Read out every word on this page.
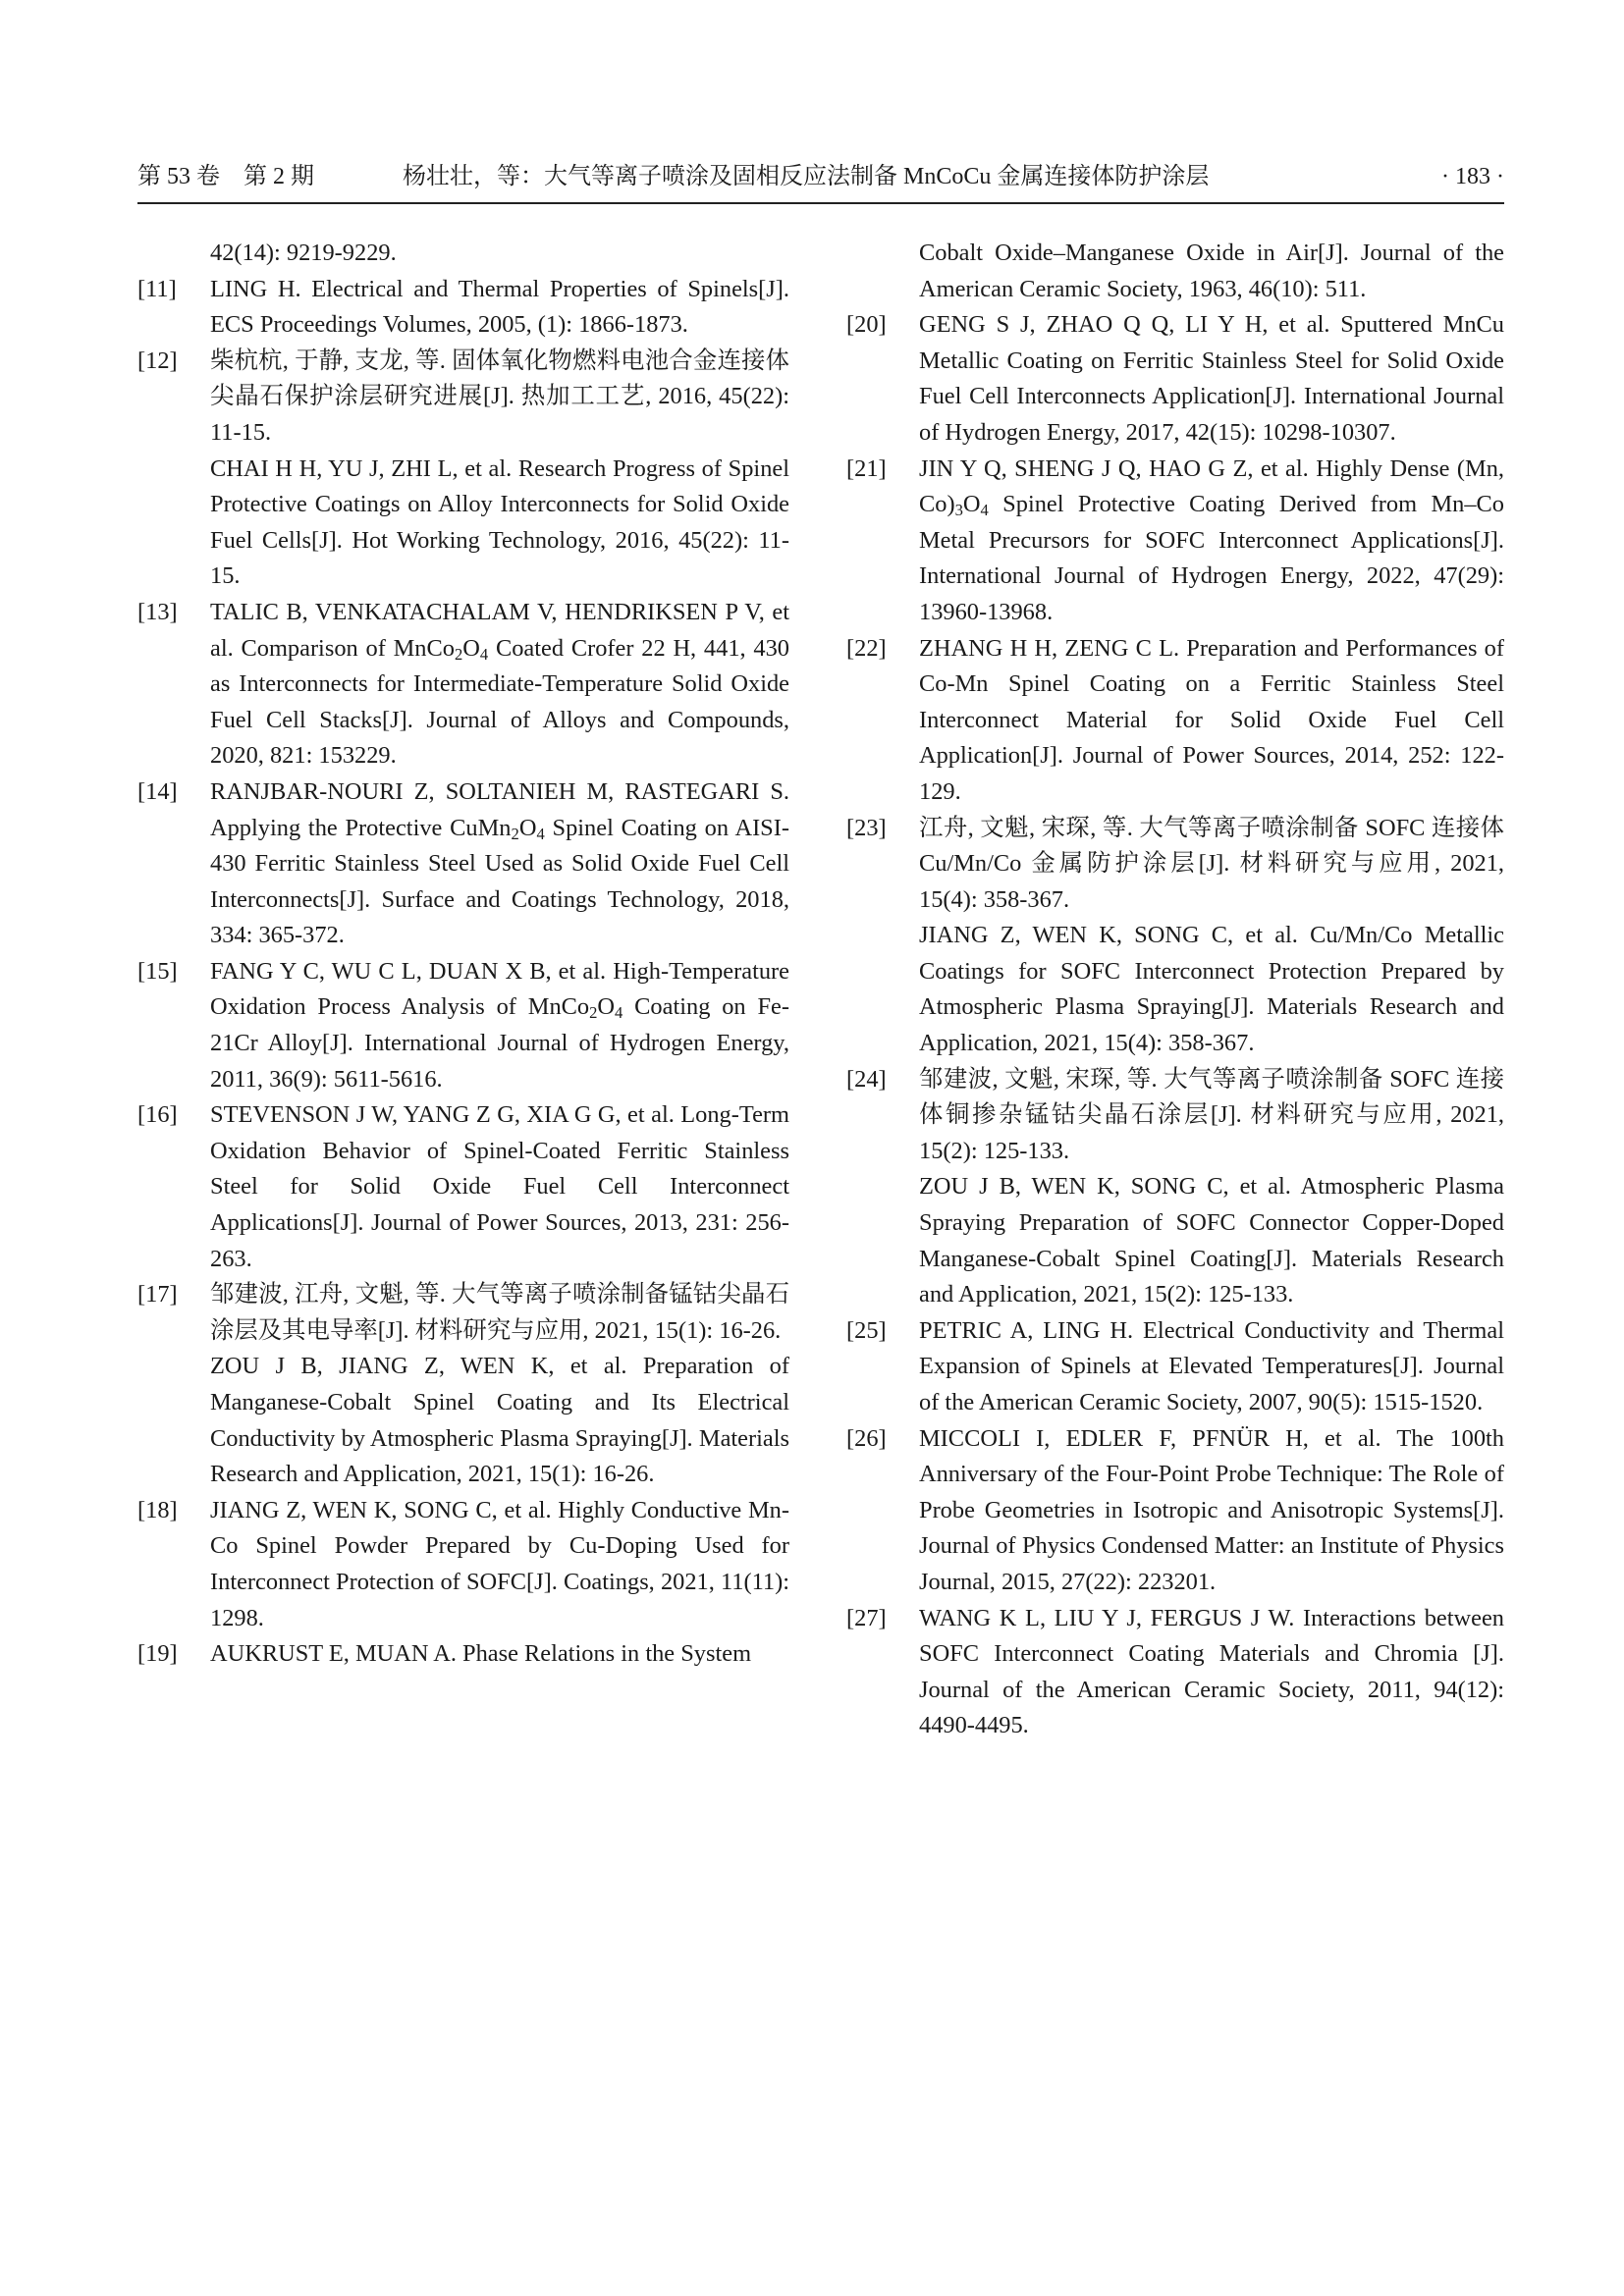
第 53 卷　第 2 期	杨壮壮，等：大气等离子喷涂及固相反应法制备 MnCoCu 金属连接体防护涂层	· 183 ·

42(14): 9219-9229.

[11]	LING H. Electrical and Thermal Properties of Spinels[J]. ECS Proceedings Volumes, 2005, (1): 1866-1873.

[12]	柴杭杭, 于静, 支龙, 等. 固体氧化物燃料电池合金连接体尖晶石保护涂层研究进展[J]. 热加工工艺, 2016, 45(22): 11-15.

CHAI H H, YU J, ZHI L, et al. Research Progress of Spinel Protective Coatings on Alloy Interconnects for Solid Oxide Fuel Cells[J]. Hot Working Technology, 2016, 45(22): 11-15.

[13]	TALIC B, VENKATACHALAM V, HENDRIKSEN P V, et al. Comparison of $MnCo_2O_4$ Coated Crofer 22 H, 441, 430 as Interconnects for Intermediate-Temperature Solid Oxide Fuel Cell Stacks[J]. Journal of Alloys and Compounds, 2020, 821: 153229.

[14]	RANJBAR-NOURI Z, SOLTANIEH M, RASTEGARI S. Applying the Protective $CuMn_2O_4$ Spinel Coating on AISI-430 Ferritic Stainless Steel Used as Solid Oxide Fuel Cell Interconnects[J]. Surface and Coatings Technology, 2018, 334: 365-372.

[15]	FANG Y C, WU C L, DUAN X B, et al. High-Temperature Oxidation Process Analysis of $MnCo_2O_4$ Coating on Fe-21Cr Alloy[J]. International Journal of Hydrogen Energy, 2011, 36(9): 5611-5616.

[16]	STEVENSON J W, YANG Z G, XIA G G, et al. Long-Term Oxidation Behavior of Spinel-Coated Ferritic Stainless Steel for Solid Oxide Fuel Cell Interconnect Applications[J]. Journal of Power Sources, 2013, 231: 256-263.

[17]	邹建波, 江舟, 文魁, 等. 大气等离子喷涂制备锰钴尖晶石涂层及其电导率[J]. 材料研究与应用, 2021, 15(1): 16-26.

ZOU J B, JIANG Z, WEN K, et al. Preparation of Manganese-Cobalt Spinel Coating and Its Electrical Conductivity by Atmospheric Plasma Spraying[J]. Materials Research and Application, 2021, 15(1): 16-26.

[18]	JIANG Z, WEN K, SONG C, et al. Highly Conductive Mn-Co Spinel Powder Prepared by Cu-Doping Used for Interconnect Protection of SOFC[J]. Coatings, 2021, 11(11): 1298.

[19]	AUKRUST E, MUAN A. Phase Relations in the System

Cobalt Oxide–Manganese Oxide in Air[J]. Journal of the American Ceramic Society, 1963, 46(10): 511.

[20]	GENG S J, ZHAO Q Q, LI Y H, et al. Sputtered MnCu Metallic Coating on Ferritic Stainless Steel for Solid Oxide Fuel Cell Interconnects Application[J]. International Journal of Hydrogen Energy, 2017, 42(15): 10298-10307.

[21]	JIN Y Q, SHENG J Q, HAO G Z, et al. Highly Dense (Mn, $Co)_3O_4$ Spinel Protective Coating Derived from Mn–Co Metal Precursors for SOFC Interconnect Applications[J]. International Journal of Hydrogen Energy, 2022, 47(29): 13960-13968.

[22]	ZHANG H H, ZENG C L. Preparation and Performances of Co-Mn Spinel Coating on a Ferritic Stainless Steel Interconnect Material for Solid Oxide Fuel Cell Application[J]. Journal of Power Sources, 2014, 252: 122-129.

[23]	江舟, 文魁, 宋琛, 等. 大气等离子喷涂制备 SOFC 连接体 Cu/Mn/Co 金属防护涂层[J]. 材料研究与应用, 2021, 15(4): 358-367.

JIANG Z, WEN K, SONG C, et al. Cu/Mn/Co Metallic Coatings for SOFC Interconnect Protection Prepared by Atmospheric Plasma Spraying[J]. Materials Research and Application, 2021, 15(4): 358-367.

[24]	邹建波, 文魁, 宋琛, 等. 大气等离子喷涂制备 SOFC 连接体铜掺杂锰钴尖晶石涂层[J]. 材料研究与应用, 2021, 15(2): 125-133.

ZOU J B, WEN K, SONG C, et al. Atmospheric Plasma Spraying Preparation of SOFC Connector Copper-Doped Manganese-Cobalt Spinel Coating[J]. Materials Research and Application, 2021, 15(2): 125-133.

[25]	PETRIC A, LING H. Electrical Conductivity and Thermal Expansion of Spinels at Elevated Temperatures[J]. Journal of the American Ceramic Society, 2007, 90(5): 1515-1520.

[26]	MICCOLI I, EDLER F, PFNÜR H, et al. The 100th Anniversary of the Four-Point Probe Technique: The Role of Probe Geometries in Isotropic and Anisotropic Systems[J]. Journal of Physics Condensed Matter: an Institute of Physics Journal, 2015, 27(22): 223201.

[27]	WANG K L, LIU Y J, FERGUS J W. Interactions between SOFC Interconnect Coating Materials and Chromia [J]. Journal of the American Ceramic Society, 2011, 94(12): 4490-4495.
